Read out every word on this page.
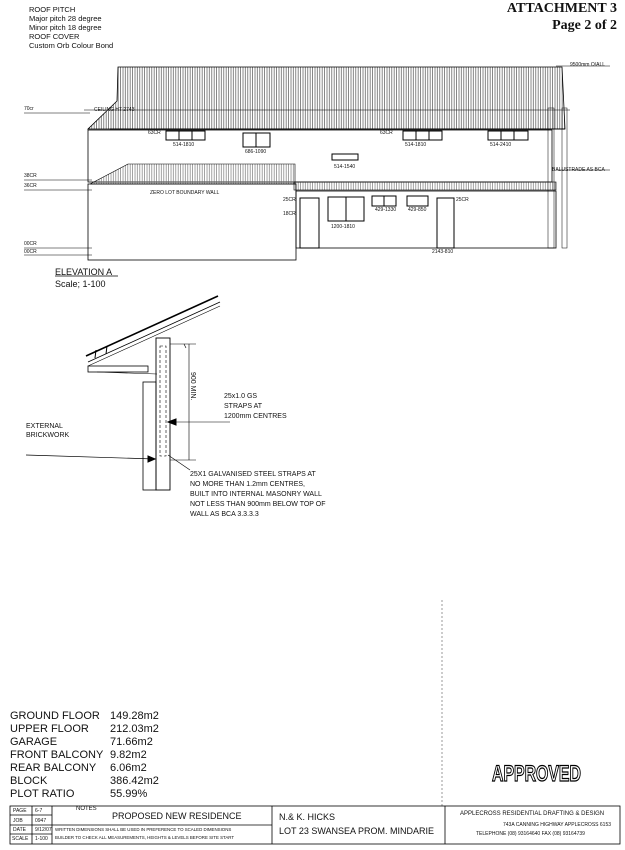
ROOF PITCH
Major pitch 28 degree
Minor pitch 18 degree
ROOF COVER
Custom Orb Colour Bond
ATTACHMENT 3
Page 2 of 2
9500mm O/ALL
CEILING HT 2743
70cr
38CR
36CR
00CR
00CR
ZERO LOT BOUNDARY WALL
BALUSTRADE AS BCA
63CR	63CR
514-1810
686-1090
514-1810	514-2410
514-1540
25CR
18CR
25CR
429-1330 429-850
1200-1810
2143-810
ELEVATION A
Scale; 1-100
EXTERNAL
BRICKWORK
900 MIN.	25x1.0 GS
STRAPS AT
1200mm CENTRES
25X1 GALVANISED STEEL STRAPS AT
NO MORE THAN 1.2mm CENTRES,
BUILT INTO INTERNAL MASONRY WALL
NOT LESS THAN 900mm BELOW TOP OF
WALL AS BCA 3.3.3.3
GROUND FLOOR 149.28m2
UPPER FLOOR	212.03m2
GARAGE	71.66m2
FRONT BALCONY 9.82m2
REAR BALCONY	6.06m2
BLOCK	386.42m2
PLOT RATIO	55.99%
APPROVED
PAGE 6-7
JOB 0947
DATE 9/12/07
SCALE 1-100
NOTES
PROPOSED NEW RESIDENCE
WRITTEN DIMENSIONS SHALL BE USED IN PREFERENCE TO SCALED DIMENSIONS
BUILDER TO CHECK ALL MEASUREMENTS, HEIGHTS & LEVELS BEFORE SITE START
N.& K. HICKS
LOT 23 SWANSEA PROM. MINDARIE
APPLECROSS RESIDENTIAL DRAFTING & DESIGN
743A CANNING HIGHWAY APPLECROSS 6153
TELEPHONE (08) 93164640 FAX (08) 93164739
